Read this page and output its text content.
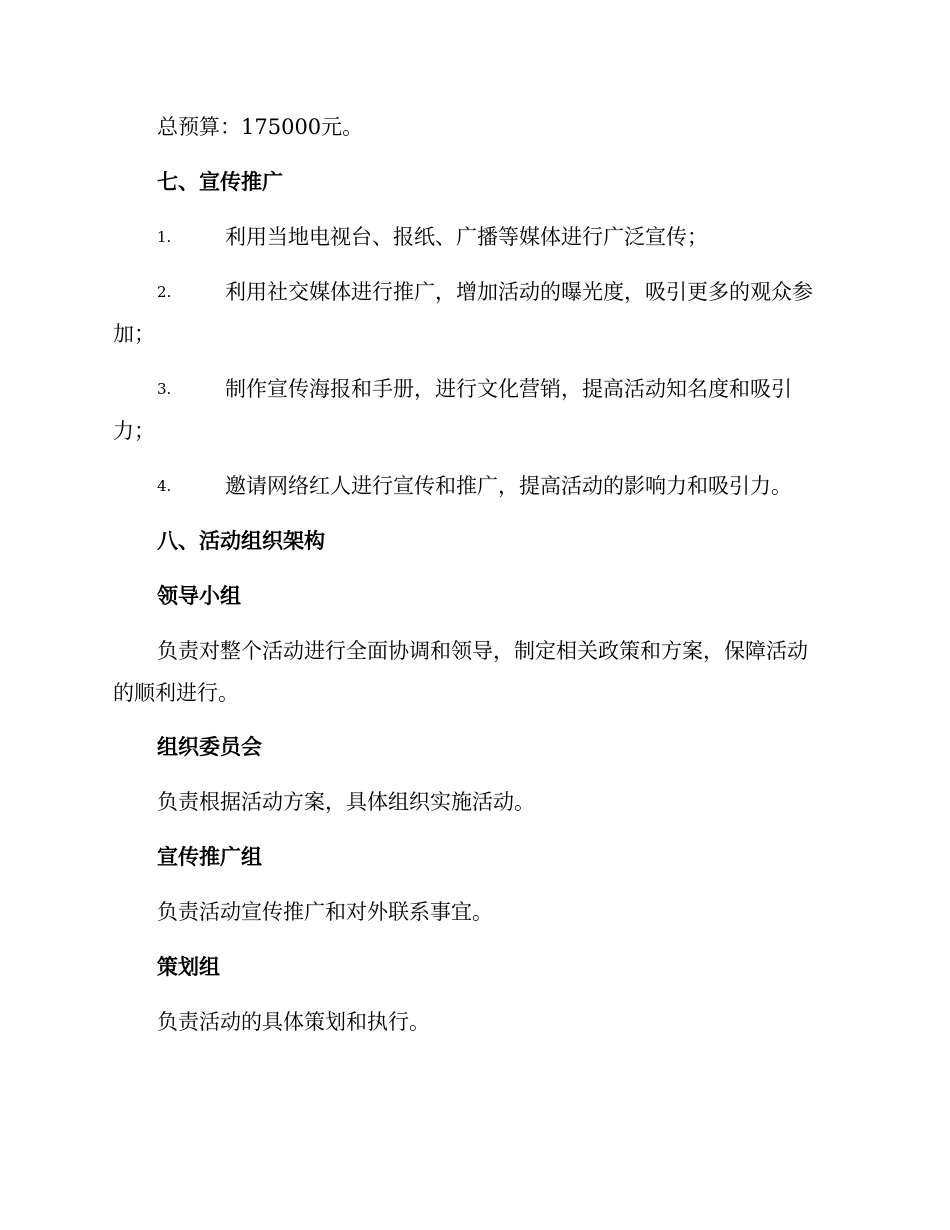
总预算：175000元。
七、宣传推广
1.	利用当地电视台、报纸、广播等媒体进行广泛宣传；
2.	利用社交媒体进行推广，增加活动的曝光度，吸引更多的观众参
加；
3.	制作宣传海报和手册，进行文化营销，提高活动知名度和吸引
力；
4.	邀请网络红人进行宣传和推广，提高活动的影响力和吸引力。
八、活动组织架构
领导小组
负责对整个活动进行全面协调和领导，制定相关政策和方案，保障活动
的顺利进行。
组织委员会
负责根据活动方案，具体组织实施活动。
宣传推广组
负责活动宣传推广和对外联系事宜。
策划组
负责活动的具体策划和执行。
